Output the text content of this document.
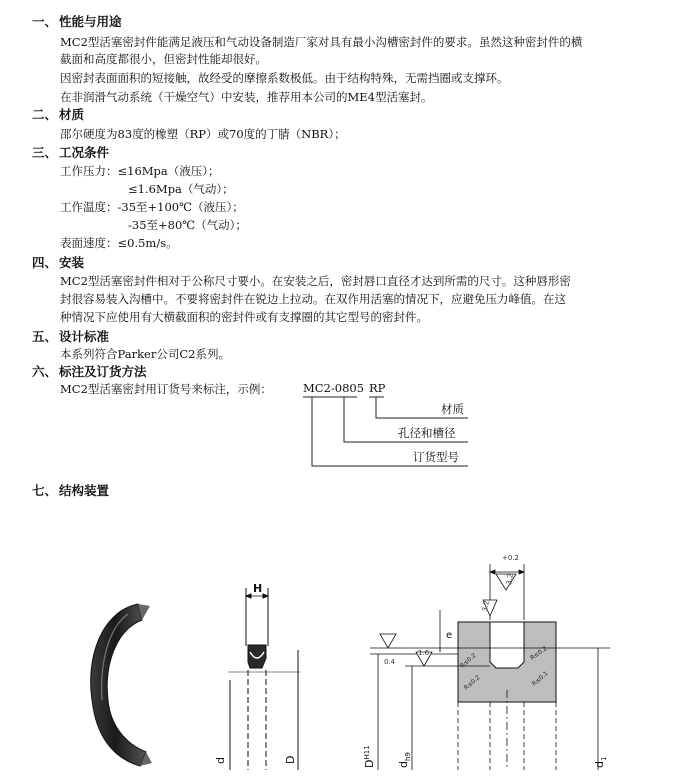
一、 性能与用途
MC2型活塞密封件能满足液压和气动设备制造厂家对具有最小沟槽密封件的要求。虽然这种密封件的横
截面和高度都很小，但密封性能却很好。
因密封表面面积的短接触，故经受的摩擦系数极低。由于结构特殊，无需挡圈或支撑环。
在非润滑气动系统（干燥空气）中安装，推荐用本公司的ME4型活塞封。
二、 材质
邵尔硬度为83度的橡塑（RP）或70度的丁腈（NBR）；
三、 工况条件
工作压力：≤16Mpa（液压）；
≤1.6Mpa（气动）；
工作温度：-35至+100℃（液压）；
-35至+80℃（气动）；
表面速度：≤0.5m/s。
四、 安装
MC2型活塞密封件相对于公称尺寸要小。在安装之后，密封唇口直径才达到所需的尺寸。这种唇形密
封很容易装入沟槽中。不要将密封件在锐边上拉动。在双作用活塞的情况下，应避免压力峰值。在这
种情况下应使用有大横截面积的密封件或有支撑圈的其它型号的密封件。
五、 设计标准
本系列符合Parker公司C2系列。
六、 标注及订货方法
MC2型活塞密封用订货号来标注，示例：	MC2-0805 RP
材质
孔径和槽径
订货型号
七、 结构装置
H
d	D
+0.2
3.2
3.2
0.4
1.6
e
R≤0.2
R≤0.2
R≤0.2
R≤0.1
$D^{H11}$
$d_{h9}$
$d_1$
